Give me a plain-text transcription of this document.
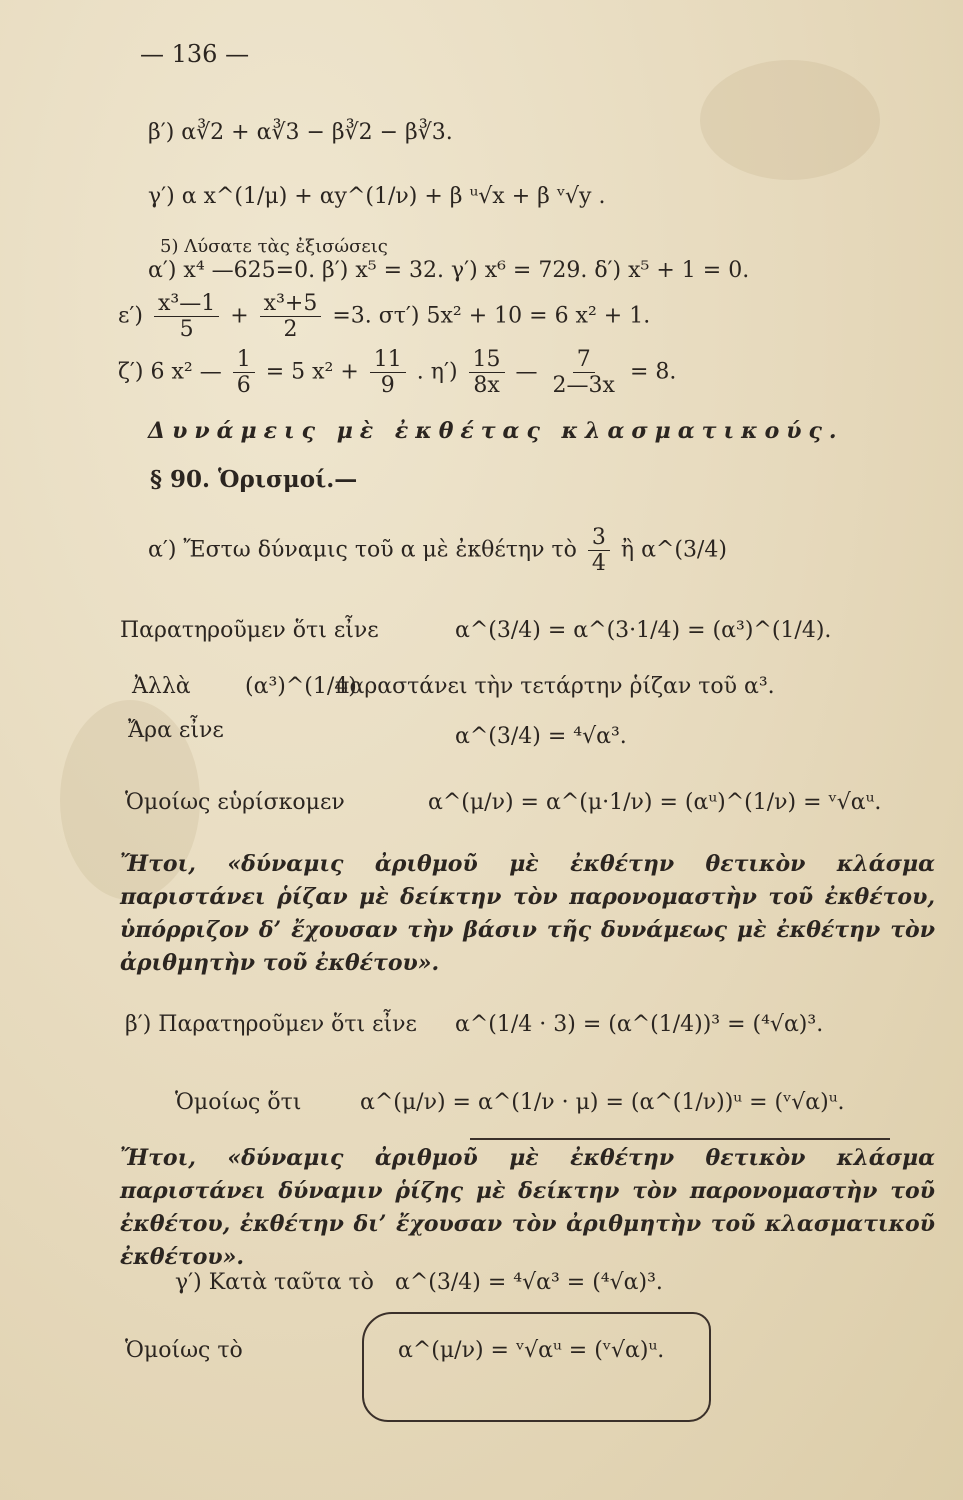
— 136 —
β′) α∛2 + α∛3 − β∛2 − β∛3.
γ′) α x^(1/μ) + αy^(1/ν) + β ᵘ√x + β ᵛ√y .
5) Λύσατε τὰς ἐξισώσεις
α′) x⁴ —625=0. β′) x⁵ = 32. γ′) x⁶ = 729. δ′) x⁵ + 1 = 0.
$\varepsilon') \frac{\text{x³—1}}{5} + \frac{\text{x³+5}}{2} =3$. στ′) 5x² + 10 = 6 x² + 1.
ζ′) 6 x² — $\frac{1}{6} = 5$ $x^2 + \frac{11}{9}$ . $\eta') \frac{15}{8x}$ — $\frac{7}{2—3x} = 8$.
Δυνάμεις μὲ ἐκθέτας κλασματικούς.
§ 90. Ὁρισμοί.—
α′) Ἔστω δύναμις τοῦ α μὲ ἐκθέτην τὸ $\frac{3}{4}$ ἢ α^(3/4)
Παρατηροῦμεν ὅτι εἶνε	α^(3/4) = α^(3·1/4) = (α³)^(1/4).
Ἀλλὰ (α³)^(1/4)
παραστάνει τὴν τετάρτην ῥίζαν τοῦ α³.
Ἄρα εἶνε	α^(3/4) = ⁴√α³.
Ὁμοίως εὑρίσκομεν	α^(μ/ν) = α^(μ·1/ν) = (αᵘ)^(1/ν) = ᵛ√αᵘ.
Ἤτοι, «δύναμις ἀριθμοῦ μὲ ἐκθέτην θετικὸν κλάσμα παριστάνει ῥίζαν μὲ δείκτην τὸν παρονομαστὴν τοῦ ἐκθέτου, ὑπόρριζον δ’ ἔχουσαν τὴν βάσιν τῆς δυνάμεως μὲ ἐκθέτην τὸν ἀριθμητὴν τοῦ ἐκθέτου».
β′) Παρατηροῦμεν ὅτι εἶνε α^(1/4 · 3) = (α^(1/4))³ = (⁴√α)³.
Ὁμοίως ὅτι	α^(μ/ν) = α^(1/ν · μ) = (α^(1/ν))ᵘ = (ᵛ√α)ᵘ.
Ἤτοι, «δύναμις ἀριθμοῦ μὲ ἐκθέτην θετικὸν κλάσμα παριστάνει δύναμιν ῥίζης μὲ δείκτην τὸν παρονομαστὴν τοῦ ἐκθέτου, ἐκθέτην δι’ ἔχουσαν τὸν ἀριθμητὴν τοῦ κλασματικοῦ ἐκθέτου».
γ′) Κατὰ ταῦτα τὸ α^(3/4) = ⁴√α³ = (⁴√α)³.
Ὁμοίως τὸ	α^(μ/ν) = ᵛ√αᵘ = (ᵛ√α)ᵘ.
